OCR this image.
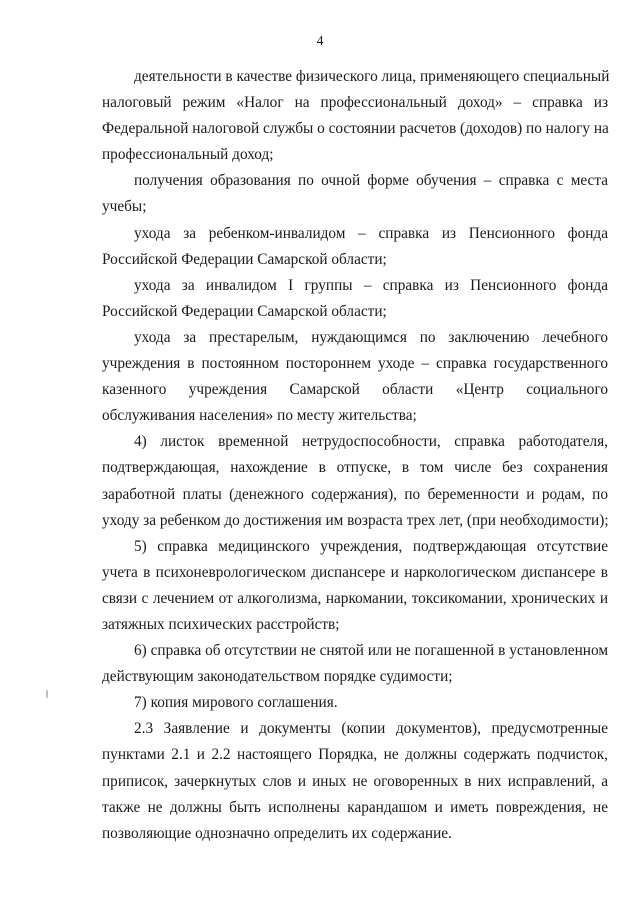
4
деятельности в качестве физического лица, применяющего специальный
налоговый режим «Налог на профессиональный доход» – справка из
Федеральной налоговой службы о состоянии расчетов (доходов) по налогу на
профессиональный доход;
получения образования по очной форме обучения – справка с места
учебы;
ухода за ребенком-инвалидом – справка из Пенсионного фонда
Российской Федерации Самарской области;
ухода за инвалидом I группы – справка из Пенсионного фонда
Российской Федерации Самарской области;
ухода за престарелым, нуждающимся по заключению лечебного
учреждения в постоянном постороннем уходе – справка государственного
казенного учреждения Самарской области «Центр социального
обслуживания населения» по месту жительства;
4) листок временной нетрудоспособности, справка работодателя,
подтверждающая, нахождение в отпуске, в том числе без сохранения
заработной платы (денежного содержания), по беременности и родам, по
уходу за ребенком до достижения им возраста трех лет, (при необходимости);
5) справка медицинского учреждения, подтверждающая отсутствие
учета в психоневрологическом диспансере и наркологическом диспансере в
связи с лечением от алкоголизма, наркомании, токсикомании, хронических и
затяжных психических расстройств;
6) справка об отсутствии не снятой или не погашенной в установленном
действующим законодательством порядке судимости;
7) копия мирового соглашения.
2.3 Заявление и документы (копии документов), предусмотренные
пунктами 2.1 и 2.2 настоящего Порядка, не должны содержать подчисток,
приписок, зачеркнутых слов и иных не оговоренных в них исправлений, а
также не должны быть исполнены карандашом и иметь повреждения, не
позволяющие однозначно определить их содержание.
